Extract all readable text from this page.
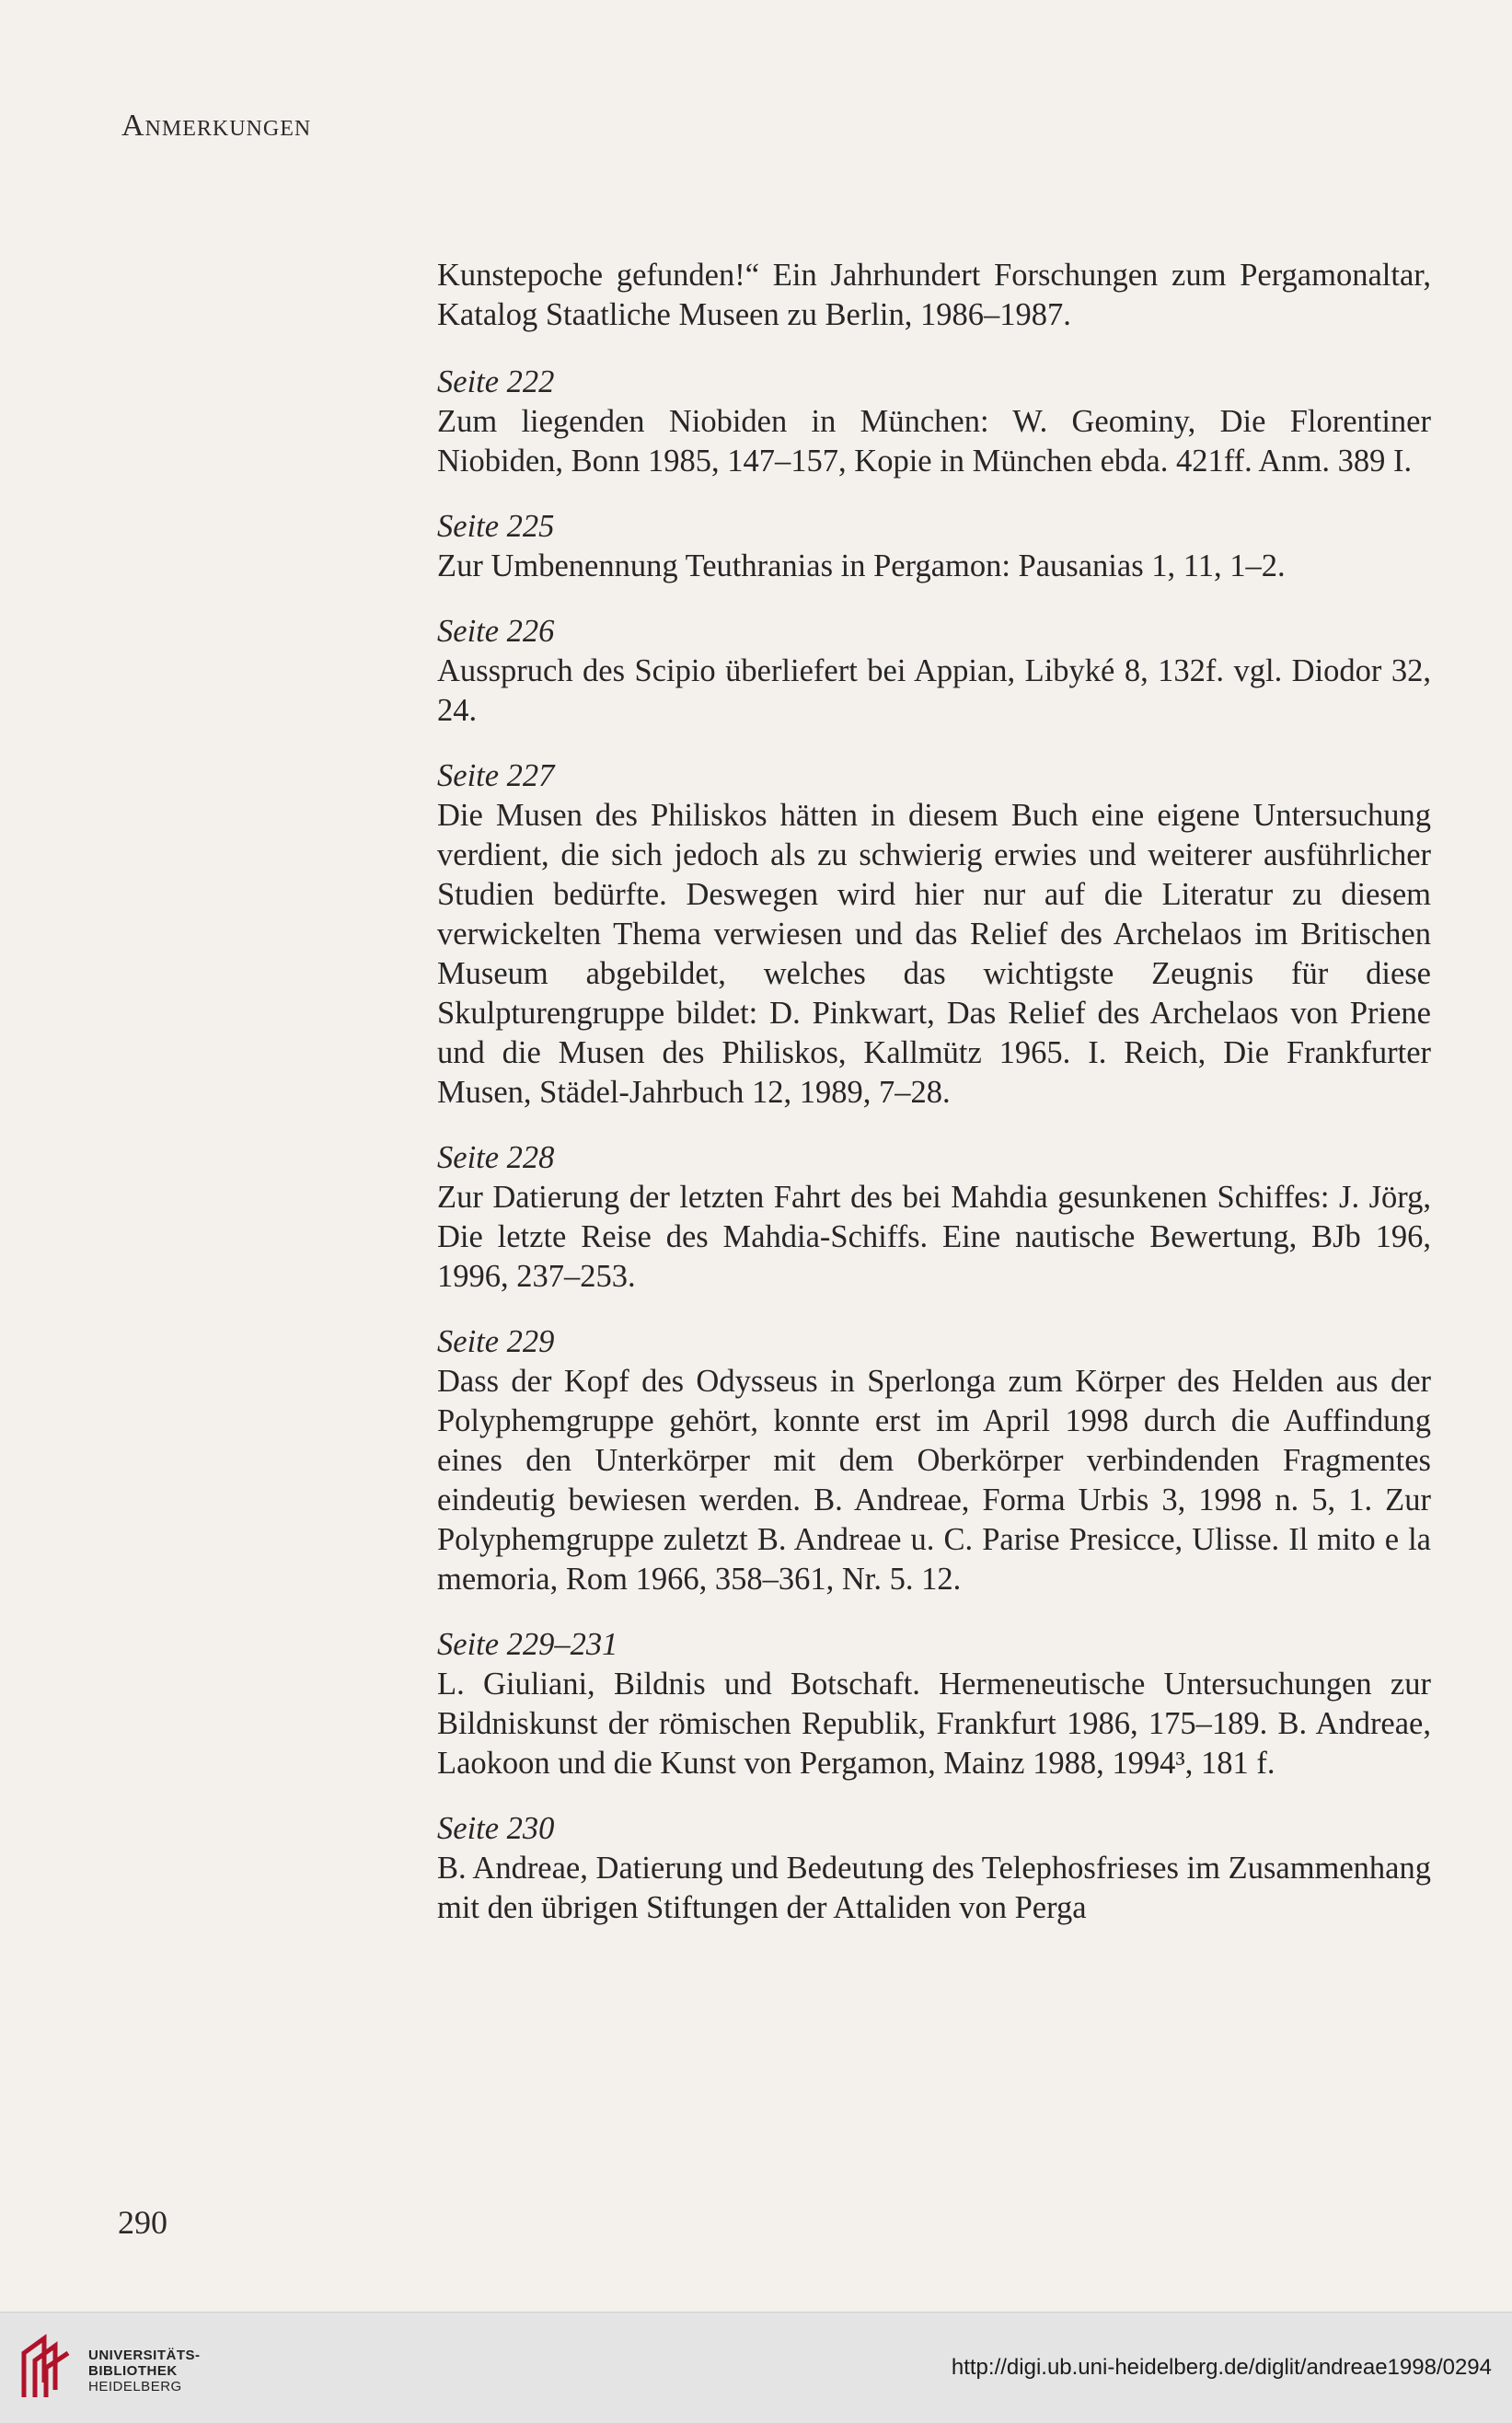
Anmerkungen

Kunstepoche gefunden!“ Ein Jahrhundert Forschungen zum Pergamonaltar, Katalog Staatliche Museen zu Berlin, 1986–1987.

Seite 222

Zum liegenden Niobiden in München: W. Geominy, Die Florentiner Niobiden, Bonn 1985, 147–157, Kopie in München ebda. 421ff. Anm. 389 I.

Seite 225

Zur Umbenennung Teuthranias in Pergamon: Pausanias 1, 11, 1–2.

Seite 226

Ausspruch des Scipio überliefert bei Appian, Libyké 8, 132f. vgl. Diodor 32, 24.

Seite 227

Die Musen des Philiskos hätten in diesem Buch eine eigene Untersuchung verdient, die sich jedoch als zu schwierig erwies und weiterer ausführlicher Studien bedürfte. Deswegen wird hier nur auf die Literatur zu diesem verwickelten Thema verwiesen und das Relief des Archelaos im Britischen Museum abgebildet, welches das wichtigste Zeugnis für diese Skulpturengruppe bildet: D. Pinkwart, Das Relief des Archelaos von Priene und die Musen des Philiskos, Kallmütz 1965. I. Reich, Die Frankfurter Musen, Städel-Jahrbuch 12, 1989, 7–28.

Seite 228

Zur Datierung der letzten Fahrt des bei Mahdia gesunkenen Schiffes: J. Jörg, Die letzte Reise des Mahdia-Schiffs. Eine nautische Bewertung, BJb 196, 1996, 237–253.

Seite 229

Dass der Kopf des Odysseus in Sperlonga zum Körper des Helden aus der Polyphemgruppe gehört, konnte erst im April 1998 durch die Auffindung eines den Unterkörper mit dem Oberkörper verbindenden Fragmentes eindeutig bewiesen werden. B. Andreae, Forma Urbis 3, 1998 n. 5, 1. Zur Polyphemgruppe zuletzt B. Andreae u. C. Parise Presicce, Ulisse. Il mito e la memoria, Rom 1966, 358–361, Nr. 5. 12.

Seite 229–231

L. Giuliani, Bildnis und Botschaft. Hermeneutische Untersuchungen zur Bildniskunst der römischen Republik, Frankfurt 1986, 175–189. B. Andreae, Laokoon und die Kunst von Pergamon, Mainz 1988, 1994³, 181 f.

Seite 230

B. Andreae, Datierung und Bedeutung des Telephosfrieses im Zusammenhang mit den übrigen Stiftungen der Attaliden von Perga

290
UNIVERSITÄTS-
BIBLIOTHEK
HEIDELBERG
http://digi.ub.uni-heidelberg.de/diglit/andreae1998/0294
